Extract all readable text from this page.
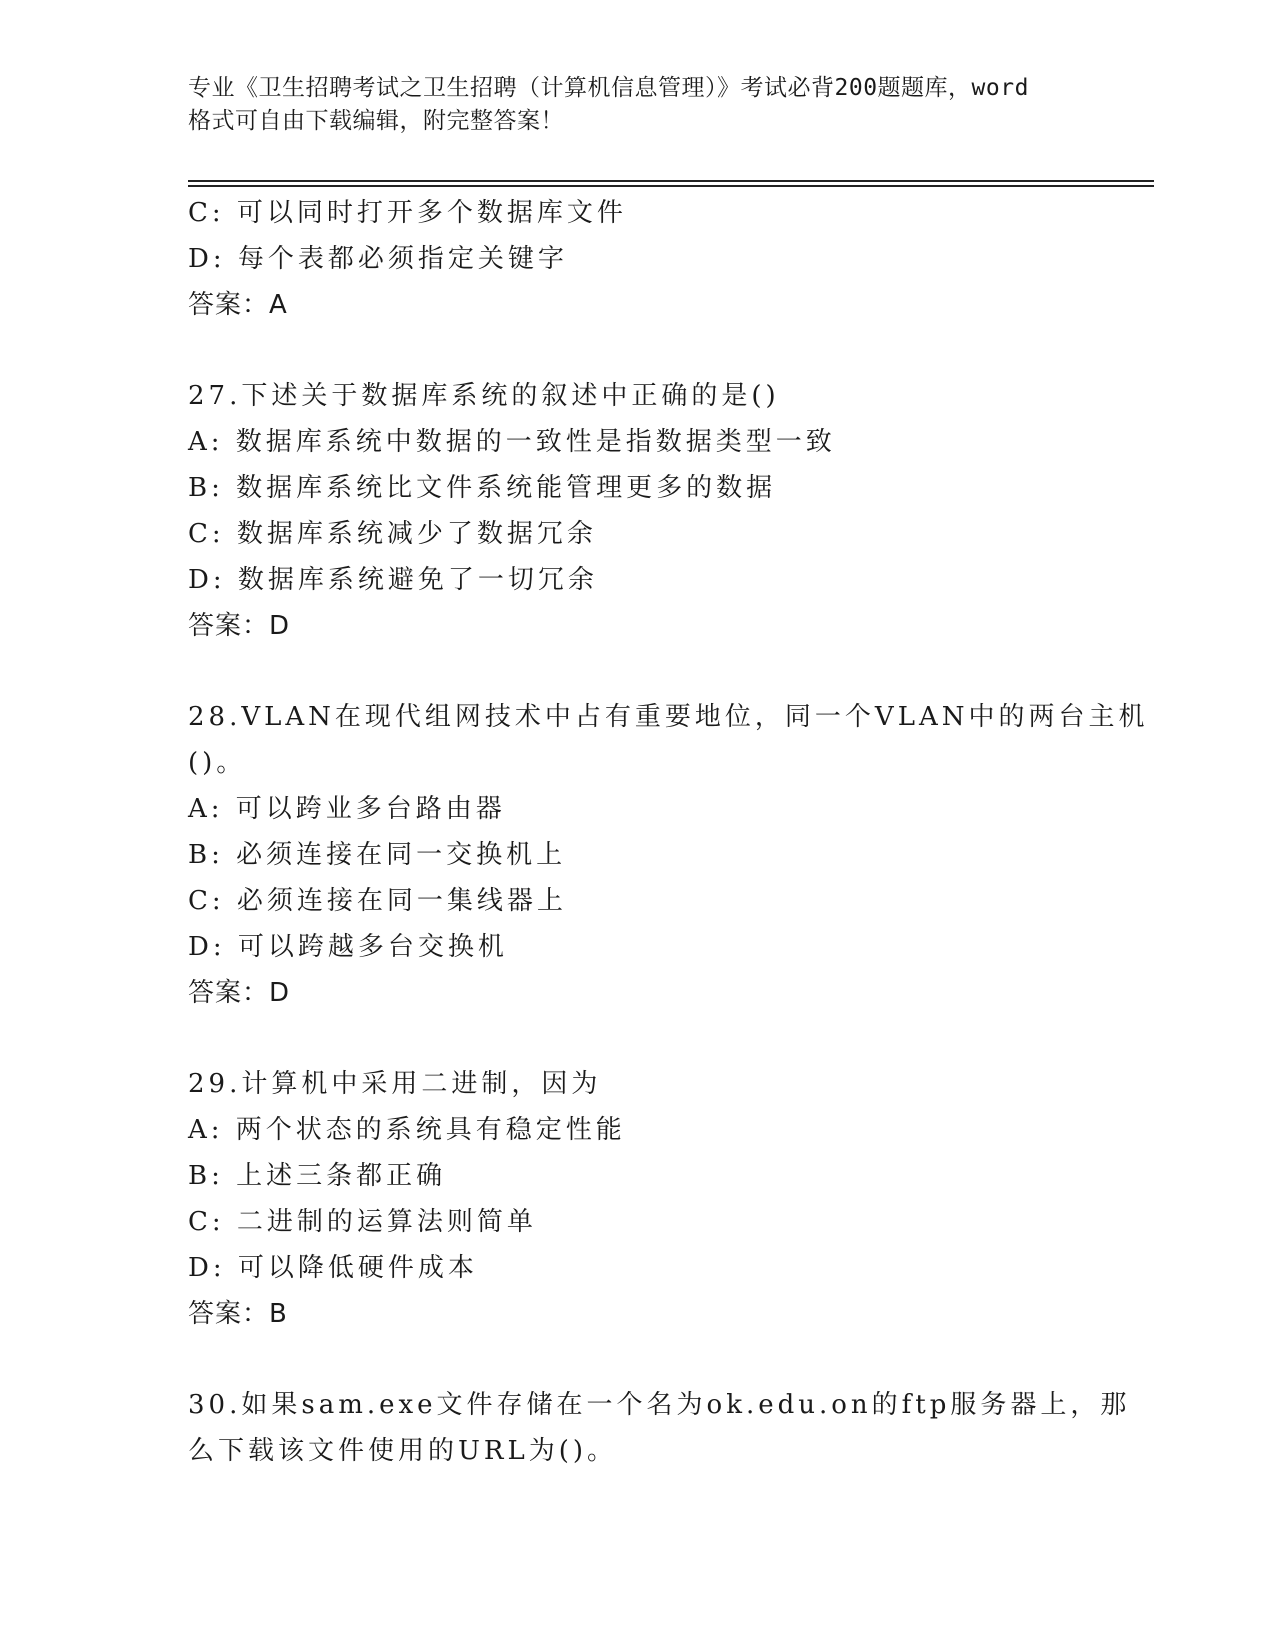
专业《卫生招聘考试之卫生招聘（计算机信息管理）》考试必背200题题库，word
格式可自由下载编辑，附完整答案！
C: 可以同时打开多个数据库文件
D: 每个表都必须指定关键字
答案：A
27.下述关于数据库系统的叙述中正确的是()
A: 数据库系统中数据的一致性是指数据类型一致
B: 数据库系统比文件系统能管理更多的数据
C: 数据库系统减少了数据冗余
D: 数据库系统避免了一切冗余
答案：D
28.VLAN在现代组网技术中占有重要地位，同一个VLAN中的两台主机
()。
A: 可以跨业多台路由器
B: 必须连接在同一交换机上
C: 必须连接在同一集线器上
D: 可以跨越多台交换机
答案：D
29.计算机中采用二进制，因为
A: 两个状态的系统具有稳定性能
B: 上述三条都正确
C: 二进制的运算法则简单
D: 可以降低硬件成本
答案：B
30.如果sam.exe文件存储在一个名为ok.edu.on的ftp服务器上，那
么下载该文件使用的URL为()。
